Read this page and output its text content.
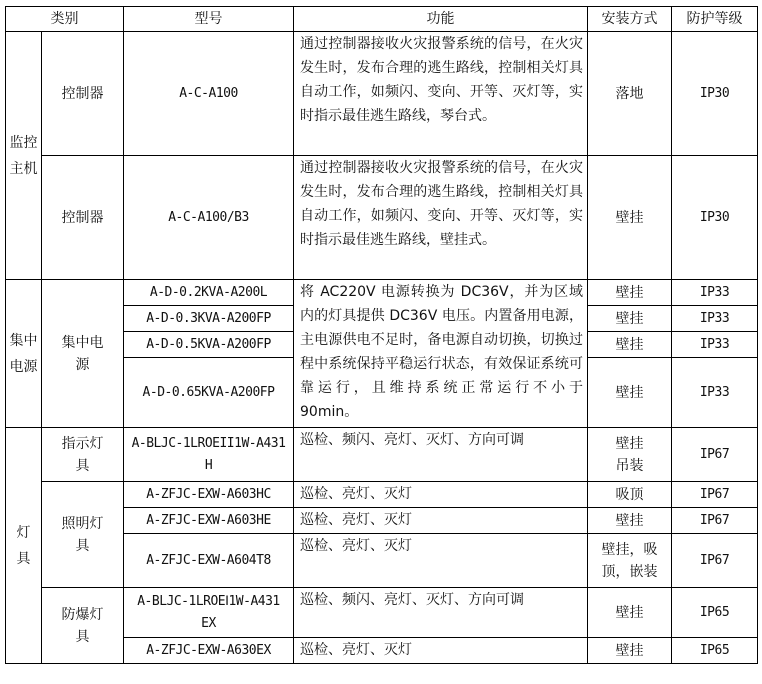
类别		型号	功能	安装方式	防护等级
监控主机	控制器	A-C-A100	通过控制器接收火灾报警系统的信号，在火灾发生时，发布合理的逃生路线，控制相关灯具自动工作，如频闪、变向、开等、灭灯等，实时指示最佳逃生路线，琴台式。	落地	IP30
	控制器	A-C-A100/B3	通过控制器接收火灾报警系统的信号，在火灾发生时，发布合理的逃生路线，控制相关灯具自动工作，如频闪、变向、开等、灭灯等，实时指示最佳逃生路线，壁挂式。	壁挂	IP30
集中电源	集中电源	A-D-0.2KVA-A200L	将 AC220V 电源转换为 DC36V，并为区域内的灯具提供 DC36V 电压。内置备用电源，主电源供电不足时，备电源自动切换，切换过程中系统保持平稳运行状态，有效保证系统可靠运行，且维持系统正常运行不小于 90min。	壁挂	IP33
		A-D-0.3KVA-A200FP		壁挂	IP33
		A-D-0.5KVA-A200FP		壁挂	IP33
		A-D-0.65KVA-A200FP		壁挂	IP33
灯具	指示灯具	A-BLJC-1LROEII1W-A431H	巡检、频闪、亮灯、灭灯、方向可调	壁挂吊装	IP67
	照明灯具	A-ZFJC-EXW-A603HC	巡检、亮灯、灭灯	吸顶	IP67
		A-ZFJC-EXW-A603HE	巡检、亮灯、灭灯	壁挂	IP67
		A-ZFJC-EXW-A604T8	巡检、亮灯、灭灯	壁挂，吸顶，嵌装	IP67
	防爆灯具	A-BLJC-1LROEⅠ1W-A431EX	巡检、频闪、亮灯、灭灯、方向可调	壁挂	IP65
		A-ZFJC-EXW-A630EX	巡检、亮灯、灭灯	壁挂	IP65
